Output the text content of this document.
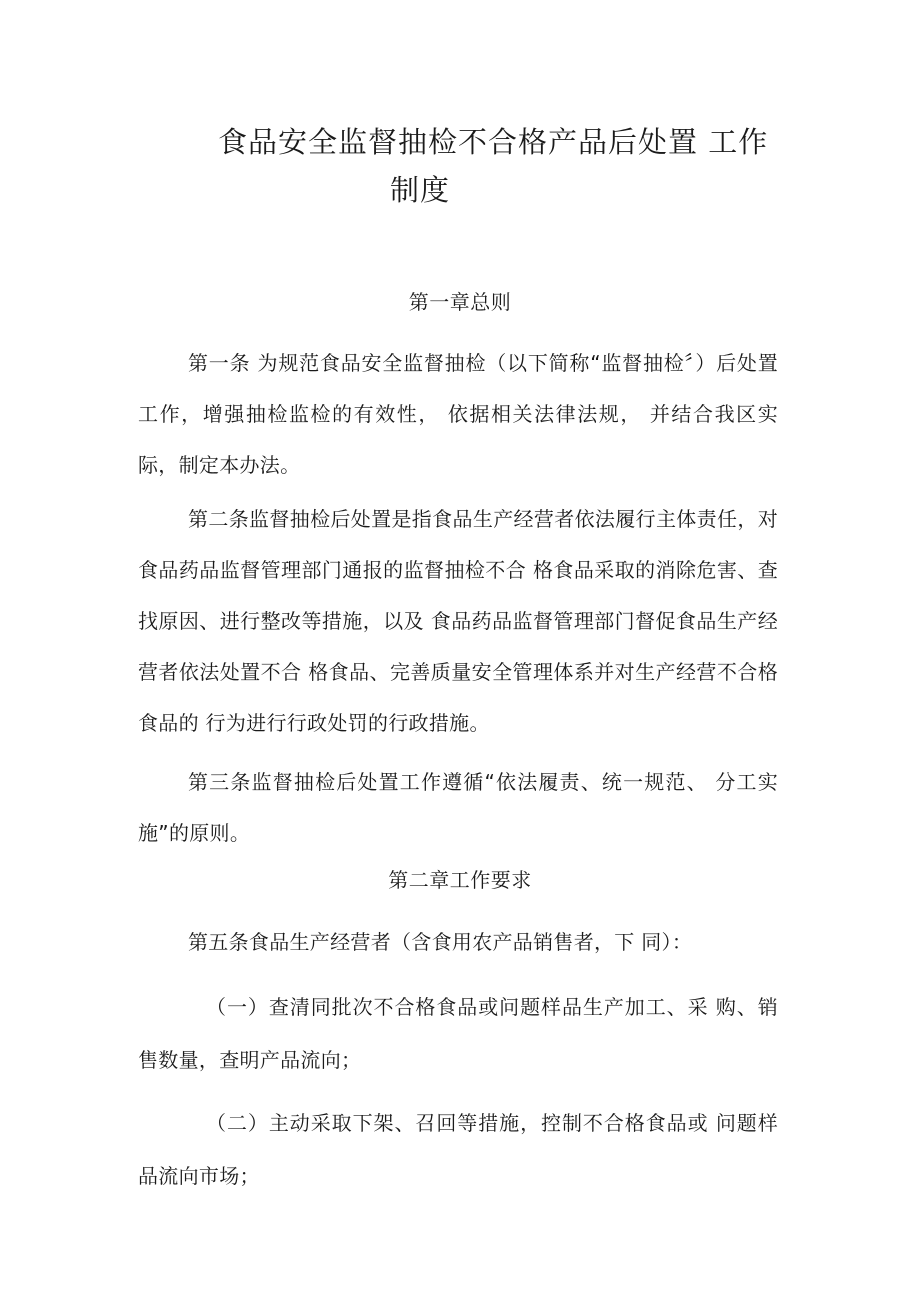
食品安全监督抽检不合格产品后处置 工作
制度
第一章总则
第一条 为规范食品安全监督抽检（以下简称“监督抽检〞）后处置工作，增强抽检监检的有效性， 依据相关法律法规， 并结合我区实际，制定本办法。
第二条监督抽检后处置是指食品生产经营者依法履行主体责任，对食品药品监督管理部门通报的监督抽检不合 格食品采取的消除危害、查找原因、进行整改等措施，以及 食品药品监督管理部门督促食品生产经营者依法处置不合 格食品、完善质量安全管理体系并对生产经营不合格食品的 行为进行行政处罚的行政措施。
第三条监督抽检后处置工作遵循“依法履责、统一规范、 分工实施”的原则。
第二章工作要求
第五条食品生产经营者（含食用农产品销售者，下 同）：
（一）查清同批次不合格食品或问题样品生产加工、采 购、销售数量，查明产品流向；
（二）主动采取下架、召回等措施，控制不合格食品或 问题样品流向市场；
